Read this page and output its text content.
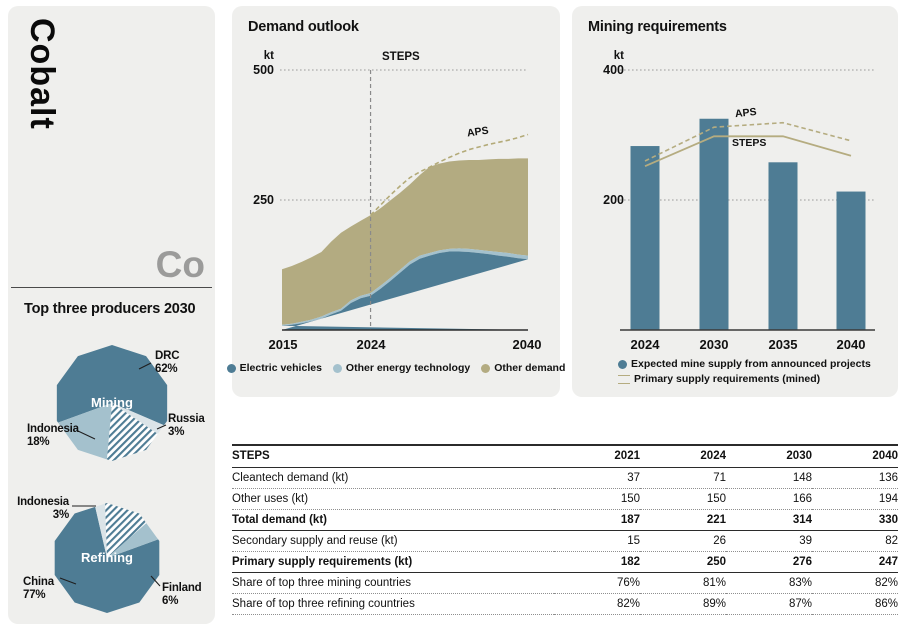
Cobalt
Co
Top three producers 2030
Mining
Refining
DRC
62%
Russia
3%
Indonesia
18%
Indonesia
3%
China
77%
Finland
6%
Demand outlook
kt
500
250
STEPS
APS
2015	2024	2040
Electric vehicles Other energy technology Other demand
Mining requirements
kt
400
200
APS
STEPS
2024	2030	2035	2040
Expected mine supply from announced projects
Primary supply requirements (mined)
STEPS	2021	2024	2030	2040
Cleantech demand (kt)	37	71	148	136
Other uses (kt)	150	150	166	194
Total demand (kt)	187	221	314	330
Secondary supply and reuse (kt)	15	26	39	82
Primary supply requirements (kt)	182	250	276	247
Share of top three mining countries	76%	81%	83%	82%
Share of top three refining countries	82%	89%	87%	86%
